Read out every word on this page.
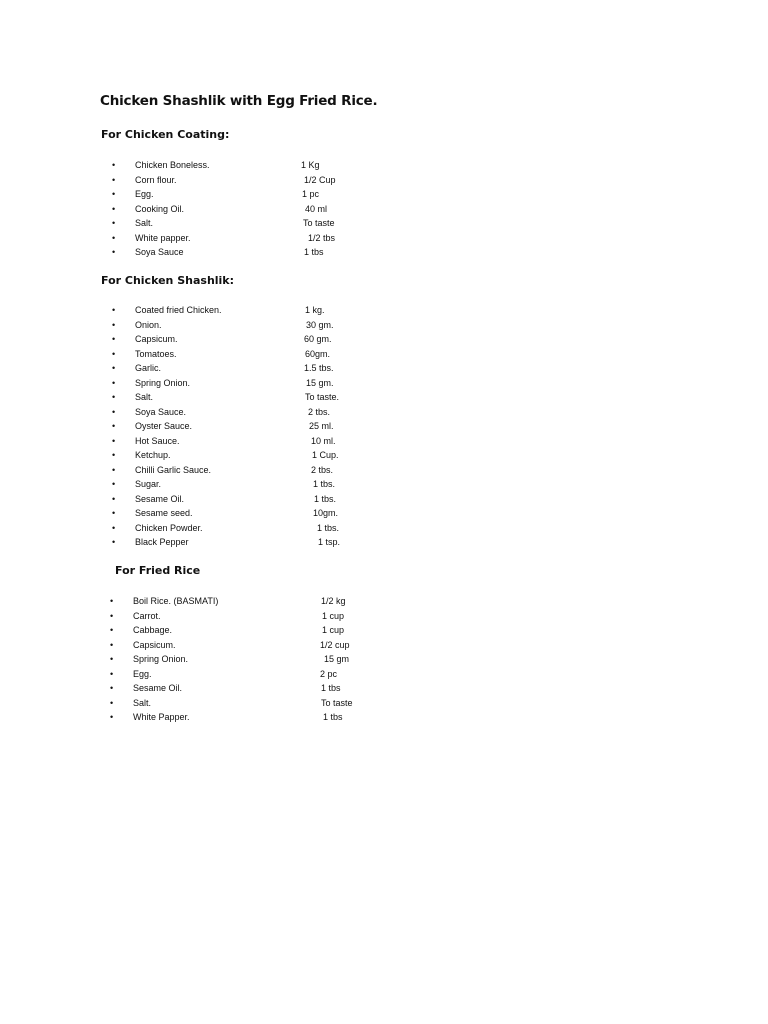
Chicken Shashlik with Egg Fried Rice.
For Chicken Coating:
• Chicken Boneless.	1 Kg
• Corn flour.	1/2 Cup
• Egg.	1 pc
• Cooking Oil.	40 ml
• Salt.	To taste
• White papper.	1/2 tbs
• Soya Sauce	1 tbs
For Chicken Shashlik:
• Coated fried Chicken.	1 kg.
• Onion.	30 gm.
• Capsicum.	60 gm.
• Tomatoes.	60gm.
• Garlic.	1.5 tbs.
• Spring Onion.	15 gm.
• Salt.	To taste.
• Soya Sauce.	2 tbs.
• Oyster Sauce.	25 ml.
• Hot Sauce.	10 ml.
• Ketchup.	1 Cup.
• Chilli Garlic Sauce.	2 tbs.
• Sugar.	1 tbs.
• Sesame Oil.	1 tbs.
• Sesame seed.	10gm.
• Chicken Powder.	1 tbs.
• Black Pepper	1 tsp.
For Fried Rice
• Boil Rice. (BASMATI)	1/2 kg
• Carrot.	1 cup
• Cabbage.	1 cup
• Capsicum.	1/2 cup
• Spring Onion.	15 gm
• Egg.	2 pc
• Sesame Oil.	1 tbs
• Salt.	To taste
• White Papper.	1 tbs
